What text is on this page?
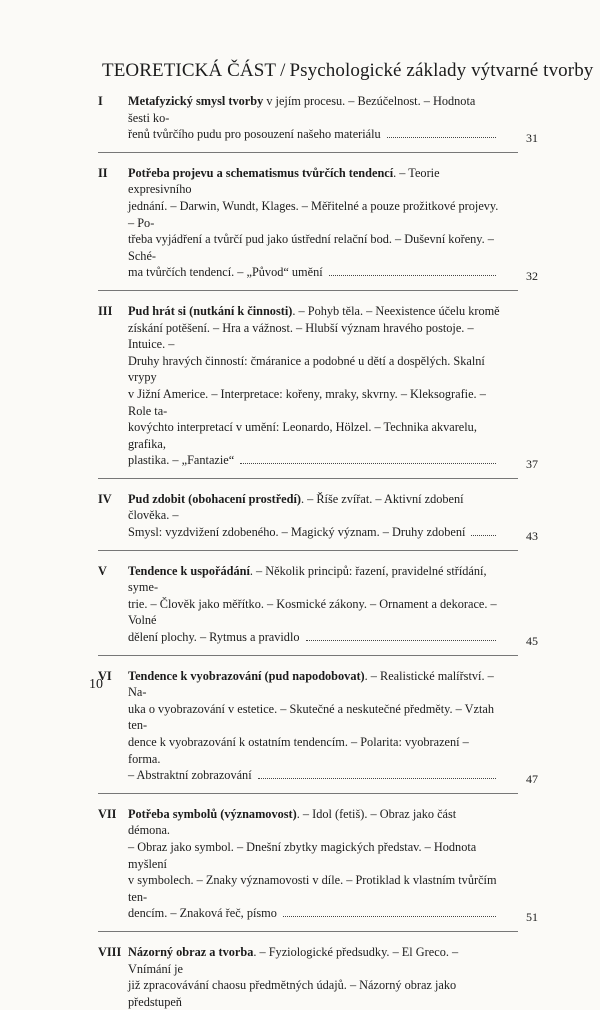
TEORETICKÁ ČÁST / Psychologické základy výtvarné tvorby
I Metafyzický smysl tvorby v jejím procesu. – Bezúčelnost. – Hodnota šesti ko-
řenů tvůrčího pudu pro posouzení našeho materiálu	31
II Potřeba projevu a schematismus tvůrčích tendencí. – Teorie expresivního
jednání. – Darwin, Wundt, Klages. – Měřitelné a pouze prožitkové projevy. – Po-
třeba vyjádření a tvůrčí pud jako ústřední relační bod. – Duševní kořeny. – Sché-
ma tvůrčích tendencí. – „Původ“ umění	32
III Pud hrát si (nutkání k činnosti). – Pohyb těla. – Neexistence účelu kromě
získání potěšení. – Hra a vážnost. – Hlubší význam hravého postoje. – Intuice. –
Druhy hravých činností: čmáranice a podobné u dětí a dospělých. Skalní vrypy
v Jižní Americe. – Interpretace: kořeny, mraky, skvrny. – Kleksografie. – Role ta-
kovýchto interpretací v umění: Leonardo, Hölzel. – Technika akvarelu, grafika,
plastika. – „Fantazie“	37
IV Pud zdobit (obohacení prostředí). – Říše zvířat. – Aktivní zdobení člověka. –
Smysl: vyzdvižení zdobeného. – Magický význam. – Druhy zdobení	43
V Tendence k uspořádání. – Několik principů: řazení, pravidelné střídání, syme-
trie. – Člověk jako měřítko. – Kosmické zákony. – Ornament a dekorace. – Volné
dělení plochy. – Rytmus a pravidlo	45
VI Tendence k vyobrazování (pud napodobovat). – Realistické malířství. – Na-
uka o vyobrazování v estetice. – Skutečné a neskutečné předměty. – Vztah ten-
dence k vyobrazování k ostatním tendencím. – Polarita: vyobrazení – forma.
– Abstraktní zobrazování	47
VII Potřeba symbolů (významovost). – Idol (fetiš). – Obraz jako část démona.
– Obraz jako symbol. – Dnešní zbytky magických představ. – Hodnota myšlení
v symbolech. – Znaky významovosti v díle. – Protiklad k vlastním tvůrčím ten-
dencím. – Znaková řeč, písmo	51
VIII Názorný obraz a tvorba. – Fyziologické předsudky. – El Greco. – Vnímání je
již zpracovávání chaosu předmětných údajů. – Názorný obraz jako předstupeň
10
